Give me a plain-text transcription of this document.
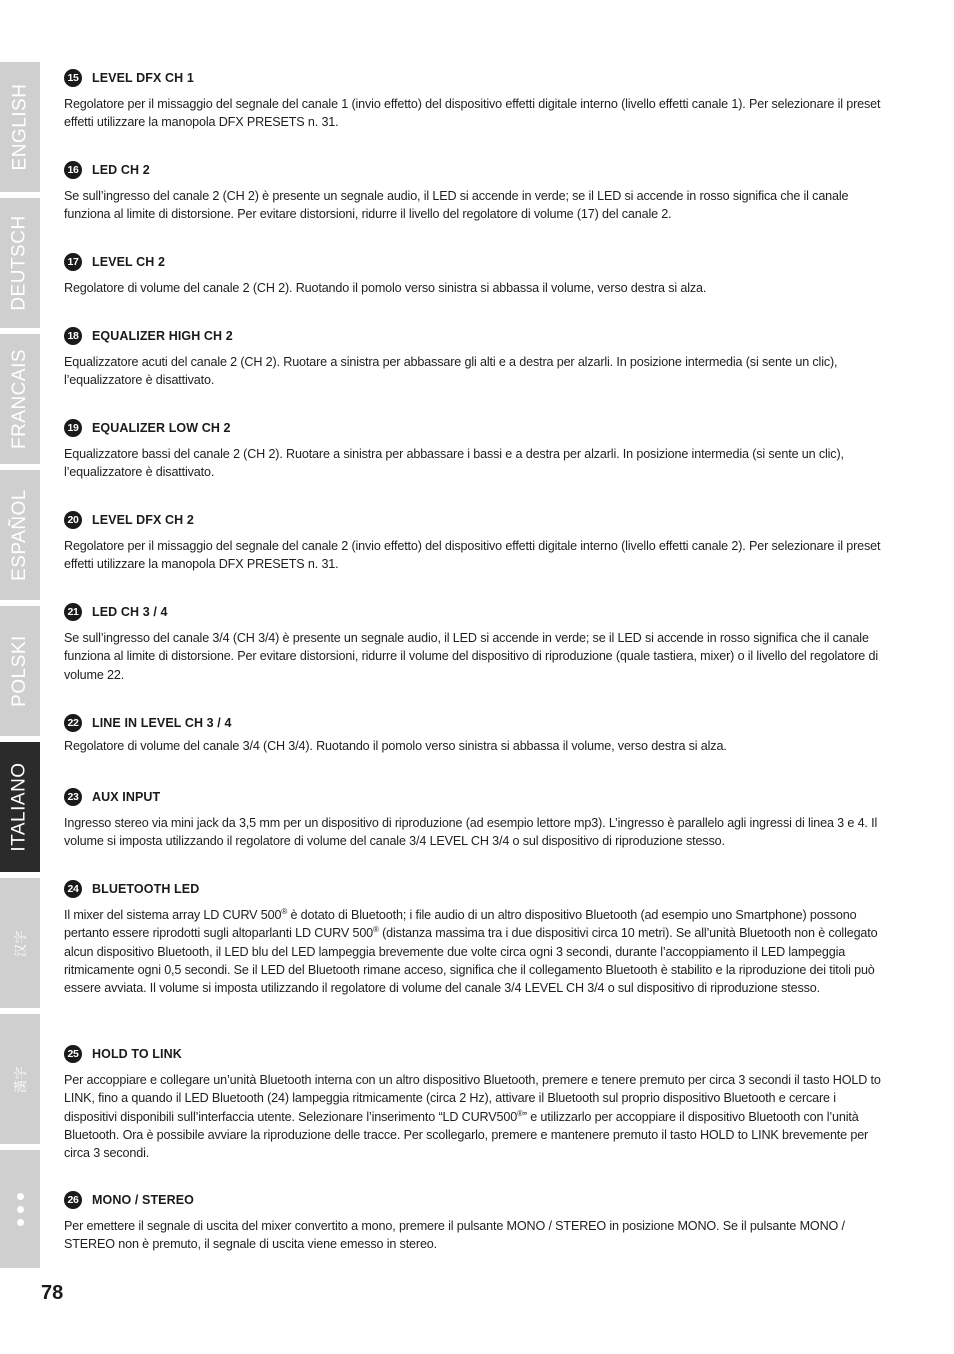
ENGLISH
DEUTSCH
FRANCAIS
ESPAÑOL
POLSKI
ITALIANO
汉字
漢字
78
15 LEVEL DFX CH 1
Regolatore per il missaggio del segnale del canale 1 (invio effetto) del dispositivo effetti digitale interno (livello effetti canale 1). Per selezionare il preset effetti utilizzare la manopola DFX PRESETS n. 31.
16 LED CH 2
Se sull’ingresso del canale 2 (CH 2) è presente un segnale audio, il LED si accende in verde; se il LED si accende in rosso significa che il canale funziona al limite di distorsione. Per evitare distorsioni, ridurre il livello del regolatore di volume (17) del canale 2.
17 LEVEL CH 2
Regolatore di volume del canale 2 (CH 2). Ruotando il pomolo verso sinistra si abbassa il volume, verso destra si alza.
18 EQUALIZER HIGH CH 2
Equalizzatore acuti del canale 2 (CH 2). Ruotare a sinistra per abbassare gli alti e a destra per alzarli. In posizione intermedia (si sente un clic), l’equalizzatore è disattivato.
19 EQUALIZER LOW CH 2
Equalizzatore bassi del canale 2 (CH 2). Ruotare a sinistra per abbassare i bassi e a destra per alzarli. In posizione intermedia (si sente un clic), l’equalizzatore è disattivato.
20 LEVEL DFX CH 2
Regolatore per il missaggio del segnale del canale 2 (invio effetto) del dispositivo effetti digitale interno (livello effetti canale 2). Per selezionare il preset effetti utilizzare la manopola DFX PRESETS n. 31.
21 LED CH 3 / 4
Se sull’ingresso del canale 3/4 (CH 3/4) è presente un segnale audio, il LED si accende in verde; se il LED si accende in rosso significa che il canale funziona al limite di distorsione. Per evitare distorsioni, ridurre il volume del dispositivo di riproduzione (quale tastiera, mixer) o il livello del regolatore di volume 22.
22 LINE IN LEVEL CH 3 / 4
Regolatore di volume del canale 3/4 (CH 3/4). Ruotando il pomolo verso sinistra si abbassa il volume, verso destra si alza.
23 AUX INPUT
Ingresso stereo via mini jack da 3,5 mm per un dispositivo di riproduzione (ad esempio lettore mp3). L’ingresso è parallelo agli ingressi di linea 3 e 4. Il volume si imposta utilizzando il regolatore di volume del canale 3/4 LEVEL CH 3/4 o sul dispositivo di riproduzione stesso.
24 BLUETOOTH LED
Il mixer del sistema array LD CURV 500® è dotato di Bluetooth; i file audio di un altro dispositivo Bluetooth (ad esempio uno Smartphone) possono pertanto essere riprodotti sugli altoparlanti LD CURV 500® (distanza massima tra i due dispositivi circa 10 metri). Se all’unità Bluetooth non è collegato alcun dispositivo Bluetooth, il LED blu del LED lampeggia brevemente due volte circa ogni 3 secondi, durante l’accoppiamento il LED lampeggia ritmicamente ogni 0,5 secondi. Se il LED del Bluetooth rimane acceso, significa che il collegamento Bluetooth è stabilito e la riproduzione dei titoli può essere avviata. Il volume si imposta utilizzando il regolatore di volume del canale 3/4 LEVEL CH 3/4 o sul dispositivo di riproduzione stesso.
25 HOLD TO LINK
Per accoppiare e collegare un’unità Bluetooth interna con un altro dispositivo Bluetooth, premere e tenere premuto per circa 3 secondi il tasto HOLD to LINK, fino a quando il LED Bluetooth (24) lampeggia ritmicamente (circa 2 Hz), attivare il Bluetooth sul proprio dispositivo Bluetooth e cercare i dispositivi disponibili sull’interfaccia utente. Selezionare l’inserimento “LD CURV500®” e utilizzarlo per accoppiare il dispositivo Bluetooth con l’unità Bluetooth. Ora è possibile avviare la riproduzione delle tracce. Per scollegarlo, premere e mantenere premuto il tasto HOLD to LINK brevemente per circa 3 secondi.
26 MONO / STEREO
Per emettere il segnale di uscita del mixer convertito a mono, premere il pulsante MONO / STEREO in posizione MONO. Se il pulsante MONO / STEREO non è premuto, il segnale di uscita viene emesso in stereo.
